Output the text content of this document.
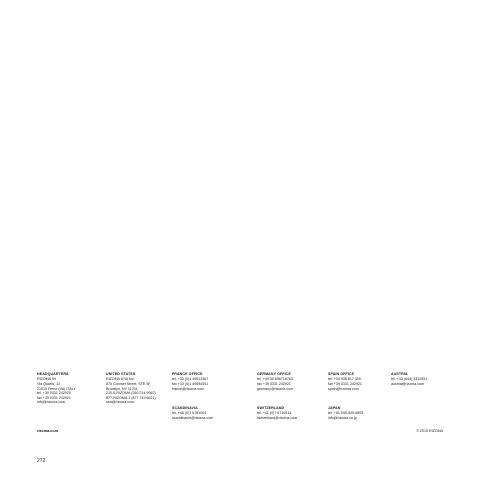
HEADQUARTERS
RIZOMA Srl
Via Quarto, 12
21010 Ferno (VA) ITALY
tel. +39 0331 242920
fax +39 0331 242921
info@rizoma.com
UNITED STATES
RIZOMA USA Inc.
875 Coronet Street, STE 5F
Brooklyn, NY 11231
210-0-RIZOMA (260.214.9062)
877-RIZOMA-1 (877.749.6621)
usa@rizoma.com
FRANCE OFFICE
tel. +33 (0)1 49613367
fax +33 (0)1 49694541
france@rizoma.com
GERMANY OFFICE
tel. +49 30 896718763
fax +39 0331 242921
germany@rizoma.com
SPAIN OFFICE
tel. +34 936 817 309
fax +39 0331 242921
spain@rizoma.com
AUSTRIA
tel. +43 (644) 3312551
austria@rizoma.com
SCANDINAVIA
tel. +46 (0)7 6781004
scandinavia@rizoma.com
SWITZERLAND
tel. +41 (0)7 6710514
switzerland@rizoma.com
JAPAN
tel. +81 045-825-6895
info@rizoma.co.jp
rizoma.com	© 2019 RIZOMA
272
